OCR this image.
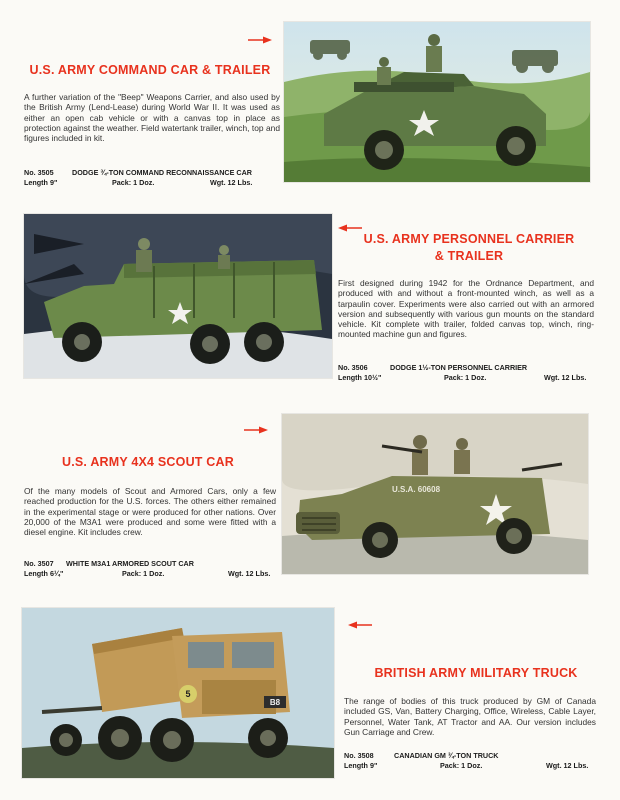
U.S. ARMY COMMAND CAR & TRAILER
A further variation of the "Beep" Weapons Carrier, and also used by the British Army (Lend-Lease) during World War II. It was used as either an open cab vehicle or with a canvas top in place as protection against the weather. Field watertank trailer, winch, top and figures included in kit.
No. 3505	DODGE ¾-TON COMMAND RECONNAISSANCE CAR
Length 9"	Pack: 1 Doz.	Wgt. 12 Lbs.
U.S. ARMY PERSONNEL CARRIER
& TRAILER
First designed during 1942 for the Ordnance Department, and produced with and without a front-mounted winch, as well as a tarpaulin cover. Experiments were also carried out with an armored version and subsequently with various gun mounts on the standard vehicle. Kit complete with trailer, folded canvas top, winch, ring-mounted machine gun and figures.
No. 3506	DODGE 1½-TON PERSONNEL CARRIER
Length 10½"	Pack: 1 Doz.	Wgt. 12 Lbs.
U.S. ARMY 4X4 SCOUT CAR
Of the many models of Scout and Armored Cars, only a few reached production for the U.S. forces. The others either remained in the experimental stage or were produced for other nations. Over 20,000 of the M3A1 were produced and some were fitted with a diesel engine. Kit includes crew.
No. 3507 WHITE M3A1 ARMORED SCOUT CAR
Length 6¼"	Pack: 1 Doz.	Wgt. 12 Lbs.
U.S.A. 60608
5
B8
BRITISH ARMY MILITARY TRUCK
The range of bodies of this truck produced by GM of Canada included GS, Van, Battery Charging, Office, Wireless, Cable Layer, Personnel, Water Tank, AT Tractor and AA. Our version includes Gun Carriage and Crew.
No. 3508	CANADIAN GM ¾-TON TRUCK
Length 9"	Pack: 1 Doz.	Wgt. 12 Lbs.
